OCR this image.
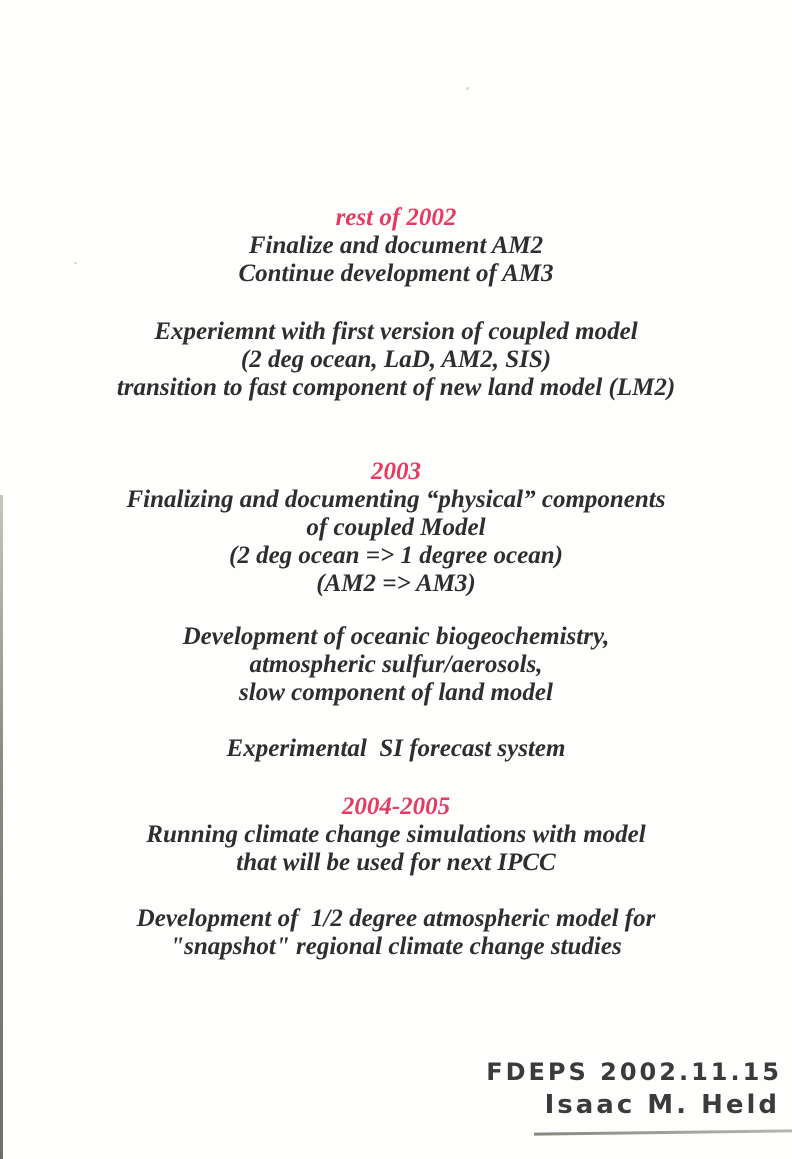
rest of 2002
Finalize and document AM2
Continue development of AM3
Experiemnt with first version of coupled model
(2 deg ocean, LaD, AM2, SIS)
transition to fast component of new land model (LM2)
2003
Finalizing and documenting “physical” components
of coupled Model
(2 deg ocean => 1 degree ocean)
(AM2 => AM3)
Development of oceanic biogeochemistry,
atmospheric sulfur/aerosols,
slow component of land model
Experimental  SI forecast system
2004-2005
Running climate change simulations with model
that will be used for next IPCC
Development of  1/2 degree atmospheric model for
"snapshot" regional climate change studies
FDEPS 2002.11.15
Isaac M. Held
